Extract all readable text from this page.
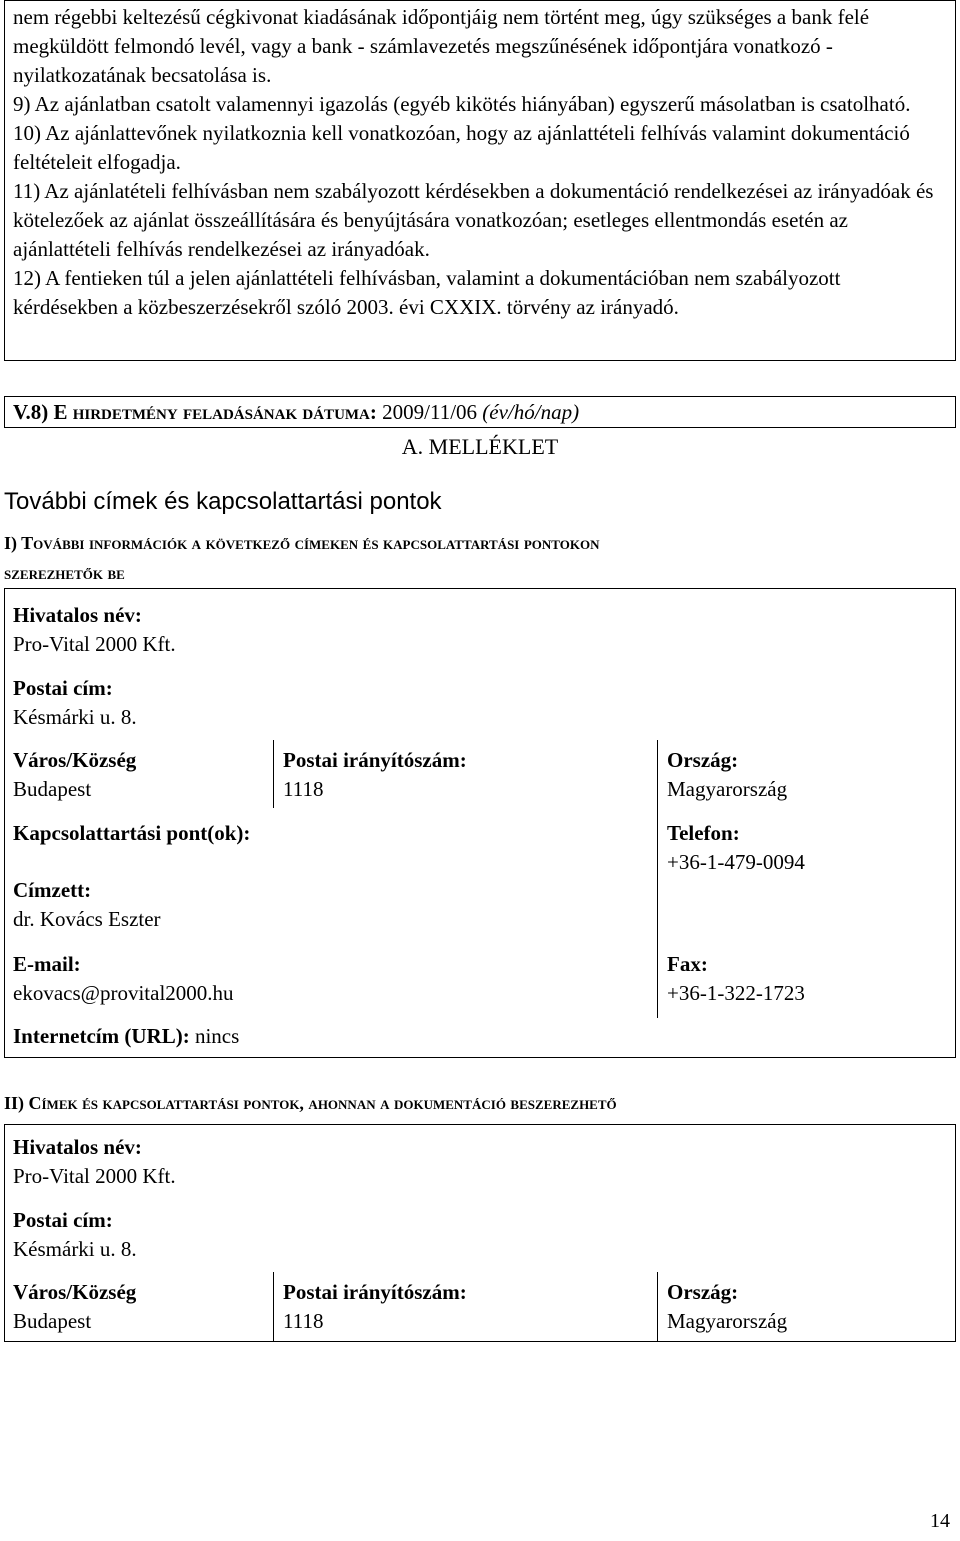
nem régebbi keltezésű cégkivonat kiadásának időpontjáig nem történt meg, úgy szükséges a bank felé megküldött felmondó levél, vagy a bank - számlavezetés megszűnésének időpontjára vonatkozó - nyilatkozatának becsatolása is.

9) Az ajánlatban csatolt valamennyi igazolás (egyéb kikötés hiányában) egyszerű másolatban is csatolható.

10) Az ajánlattevőnek nyilatkoznia kell vonatkozóan, hogy az ajánlattételi felhívás valamint dokumentáció feltételeit elfogadja.

11) Az ajánlatételi felhívásban nem szabályozott kérdésekben a dokumentáció rendelkezései az irányadóak és kötelezőek az ajánlat összeállítására és benyújtására vonatkozóan; esetleges ellentmondás esetén az ajánlattételi felhívás rendelkezései az irányadóak.

12) A fentieken túl a jelen ajánlattételi felhívásban, valamint a dokumentációban nem szabályozott kérdésekben a közbeszerzésekről szóló 2003. évi CXXIX. törvény az irányadó.

V.8) E hirdetmény feladásának dátuma: 2009/11/06 (év/hó/nap)
A. MELLÉKLET
További címek és kapcsolattartási pontok
I) További információk a következő címeken és kapcsolattartási pontokon
szerezhetők be
Hivatalos név:
Pro-Vital 2000 Kft.
Postai cím:
Késmárki u. 8.
Város/Község
Budapest
Postai irányítószám:
1118
Ország:
Magyarország
Kapcsolattartási pont(ok):	Telefon:
+36-1-479-0094
Címzett:
dr. Kovács Eszter
E-mail:
ekovacs@provital2000.hu
Fax:
+36-1-322-1723
Internetcím (URL): nincs
II) Címek és kapcsolattartási pontok, ahonnan a dokumentáció beszerezhető
Hivatalos név:
Pro-Vital 2000 Kft.
Postai cím:
Késmárki u. 8.
Város/Község
Budapest
Postai irányítószám:
1118
Ország:
Magyarország
14
